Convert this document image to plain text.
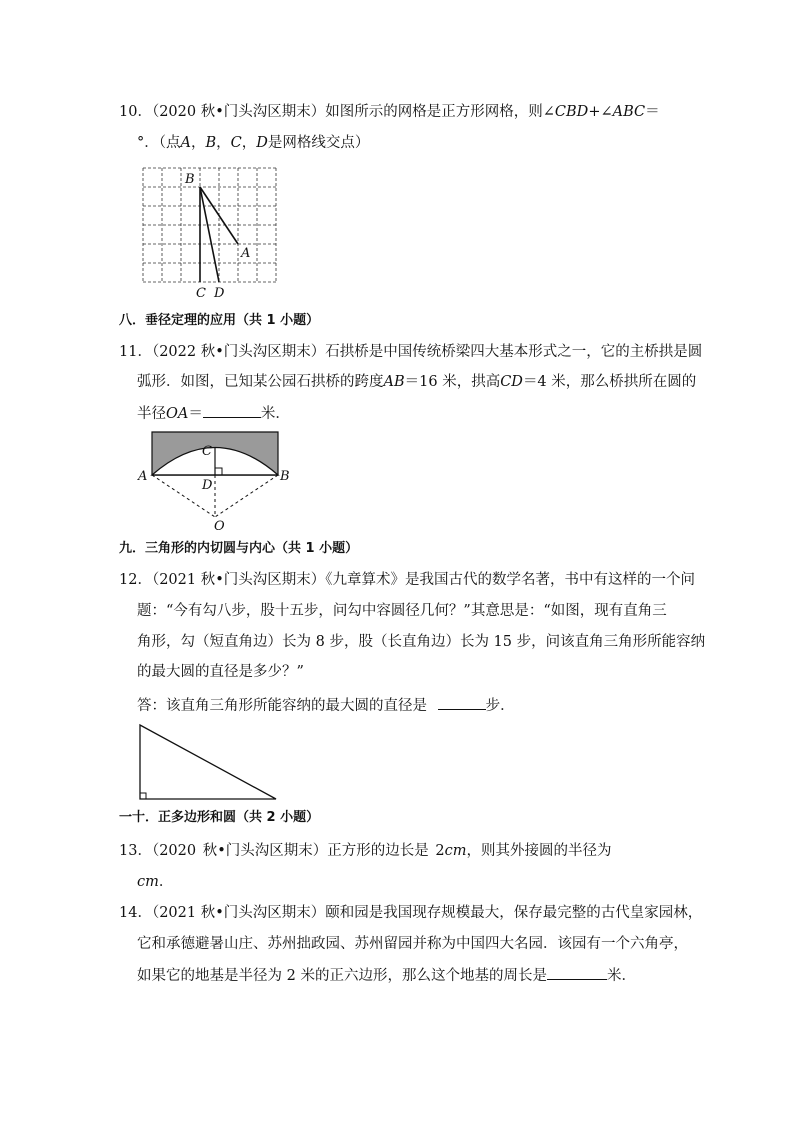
10．（2020 秋•门头沟区期末）如图所示的网格是正方形网格，则∠CBD+∠ABC＝
°．（点A，B，C，D是网格线交点）
B
A
C D
八．垂径定理的应用（共 1 小题）
11．（2022 秋•门头沟区期末）石拱桥是中国传统桥梁四大基本形式之一，它的主桥拱是圆
弧形．如图，已知某公园石拱桥的跨度AB＝16 米，拱高CD＝4 米，那么桥拱所在圆的
半径OA＝	米．
C
A	B
D
O
九．三角形的内切圆与内心（共 1 小题）
12．（2021 秋•门头沟区期末）《九章算术》是我国古代的数学名著，书中有这样的一个问
题：“今有勾八步，股十五步，问勾中容圆径几何？”其意思是：“如图，现有直角三
角形，勾（短直角边）长为 8 步，股（长直角边）长为 15 步，问该直角三角形所能容纳
的最大圆的直径是多少？”
答：该直角三角形所能容纳的最大圆的直径是	步．
一十．正多边形和圆（共 2 小题）
13．（2020 秋•门头沟区期末）正方形的边长是 2cm，则其外接圆的半径为
cm．
14．（2021 秋•门头沟区期末）颐和园是我国现存规模最大，保存最完整的古代皇家园林，
它和承德避暑山庄、苏州拙政园、苏州留园并称为中国四大名园．该园有一个六角亭，
如果它的地基是半径为 2 米的正六边形，那么这个地基的周长是	米．
